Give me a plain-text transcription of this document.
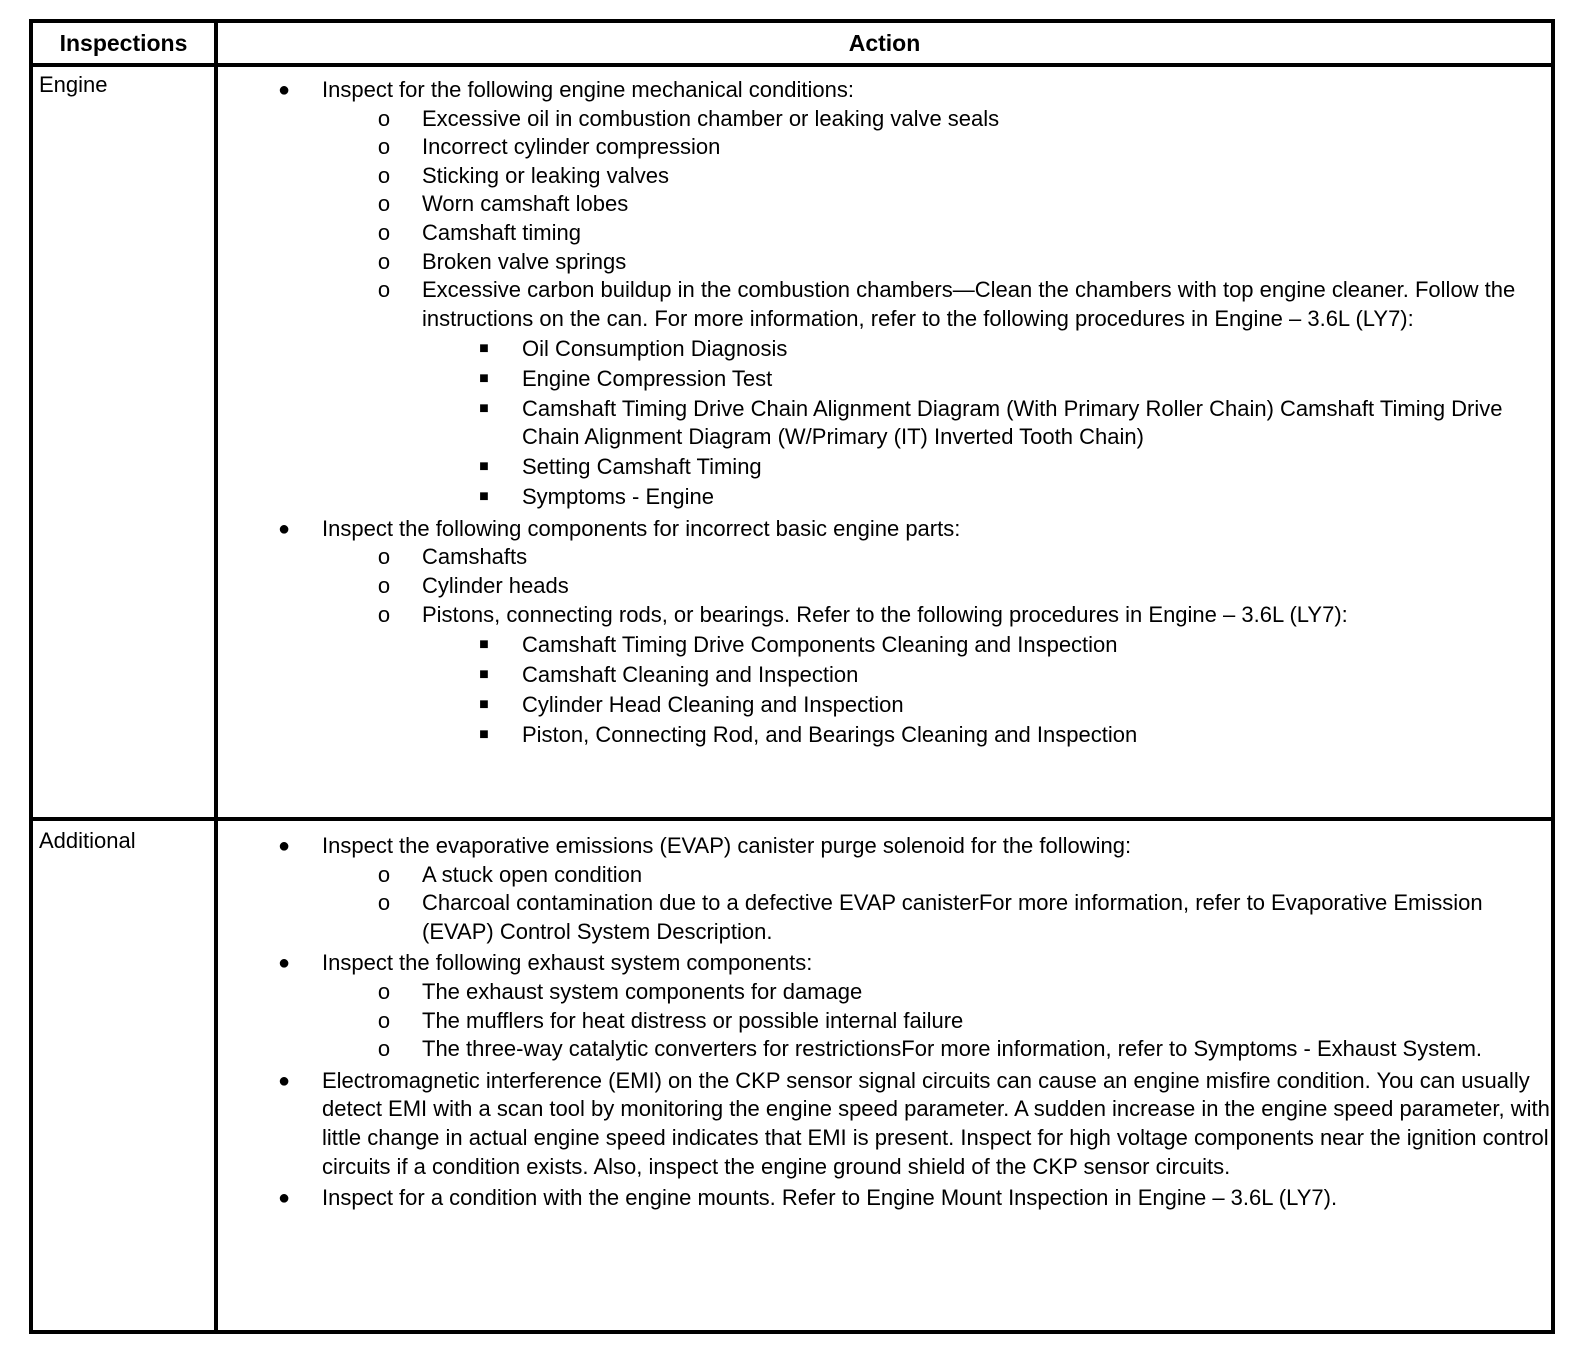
Inspections	Action
Engine	● Inspect for the following engine mechanical conditions:
o Excessive oil in combustion chamber or leaking valve seals
o Incorrect cylinder compression
o Sticking or leaking valves
o Worn camshaft lobes
o Camshaft timing
o Broken valve springs
o Excessive carbon buildup in the combustion chambers—Clean the chambers with top engine cleaner. Follow the instructions on the can. For more information, refer to the following procedures in Engine – 3.6L (LY7):
■ Oil Consumption Diagnosis
■ Engine Compression Test
■ Camshaft Timing Drive Chain Alignment Diagram (With Primary Roller Chain) Camshaft Timing Drive Chain Alignment Diagram (W/Primary (IT) Inverted Tooth Chain)
■ Setting Camshaft Timing
■ Symptoms - Engine
● Inspect the following components for incorrect basic engine parts:
o Camshafts
o Cylinder heads
o Pistons, connecting rods, or bearings. Refer to the following procedures in Engine – 3.6L (LY7):
■ Camshaft Timing Drive Components Cleaning and Inspection
■ Camshaft Cleaning and Inspection
■ Cylinder Head Cleaning and Inspection
■ Piston, Connecting Rod, and Bearings Cleaning and Inspection
Additional	● Inspect the evaporative emissions (EVAP) canister purge solenoid for the following:
o A stuck open condition
o Charcoal contamination due to a defective EVAP canisterFor more information, refer to Evaporative Emission (EVAP) Control System Description.
● Inspect the following exhaust system components:
o The exhaust system components for damage
o The mufflers for heat distress or possible internal failure
o The three-way catalytic converters for restrictionsFor more information, refer to Symptoms - Exhaust System.
● Electromagnetic interference (EMI) on the CKP sensor signal circuits can cause an engine misfire condition. You can usually detect EMI with a scan tool by monitoring the engine speed parameter. A sudden increase in the engine speed parameter, with little change in actual engine speed indicates that EMI is present. Inspect for high voltage components near the ignition control circuits if a condition exists. Also, inspect the engine ground shield of the CKP sensor circuits.
● Inspect for a condition with the engine mounts. Refer to Engine Mount Inspection in Engine – 3.6L (LY7).
